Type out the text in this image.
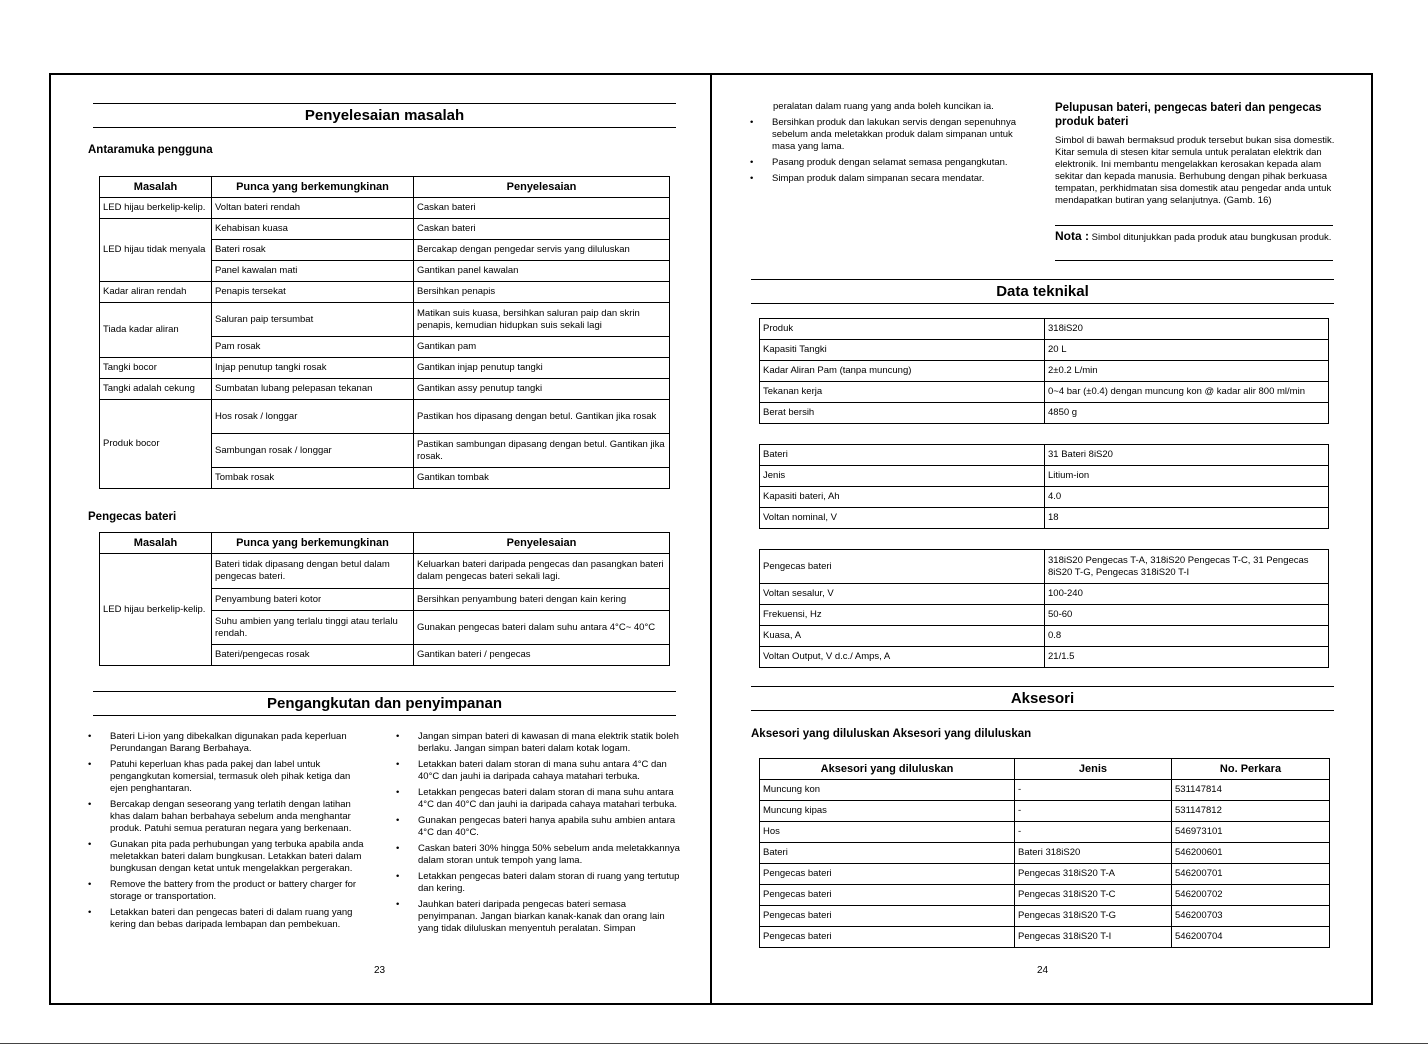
Penyelesaian masalah
Antaramuka pengguna
Masalah	Punca yang berkemungkinan	Penyelesaian
LED hijau berkelip-kelip.	Voltan bateri rendah	Caskan bateri
LED hijau tidak menyala	Kehabisan kuasa	Caskan bateri
	Bateri rosak	Bercakap dengan pengedar servis yang diluluskan
	Panel kawalan mati	Gantikan panel kawalan
Kadar aliran rendah	Penapis tersekat	Bersihkan penapis
Tiada kadar aliran	Saluran paip tersumbat	Matikan suis kuasa, bersihkan saluran paip dan skrin penapis, kemudian hidupkan suis sekali lagi
	Pam rosak	Gantikan pam
Tangki bocor	Injap penutup tangki rosak	Gantikan injap penutup tangki
Tangki adalah cekung	Sumbatan lubang pelepasan tekanan	Gantikan assy penutup tangki
Produk bocor	Hos rosak / longgar	Pastikan hos dipasang dengan betul. Gantikan jika rosak
	Sambungan rosak / longgar	Pastikan sambungan dipasang dengan betul. Gantikan jika rosak.
	Tombak rosak	Gantikan tombak
Pengecas bateri
Masalah	Punca yang berkemungkinan	Penyelesaian
LED hijau berkelip-kelip.	Bateri tidak dipasang dengan betul dalam pengecas bateri.	Keluarkan bateri daripada pengecas dan pasangkan bateri dalam pengecas bateri sekali lagi.
	Penyambung bateri kotor	Bersihkan penyambung bateri dengan kain kering
	Suhu ambien yang terlalu tinggi atau terlalu rendah.	Gunakan pengecas bateri dalam suhu antara 4°C~ 40°C
	Bateri/pengecas rosak	Gantikan bateri / pengecas
Pengangkutan dan penyimpanan
• Bateri Li-ion yang dibekalkan digunakan pada keperluan Perundangan Barang Berbahaya.
• Patuhi keperluan khas pada pakej dan label untuk pengangkutan komersial, termasuk oleh pihak ketiga dan ejen penghantaran.
• Bercakap dengan seseorang yang terlatih dengan latihan khas dalam bahan berbahaya sebelum anda menghantar produk. Patuhi semua peraturan negara yang berkenaan.
• Gunakan pita pada perhubungan yang terbuka apabila anda meletakkan bateri dalam bungkusan. Letakkan bateri dalam bungkusan dengan ketat untuk mengelakkan pergerakan.
• Remove the battery from the product or battery charger for storage or transportation.
• Letakkan bateri dan pengecas bateri di dalam ruang yang kering dan bebas daripada lembapan dan pembekuan.
• Jangan simpan bateri di kawasan di mana elektrik statik boleh berlaku. Jangan simpan bateri dalam kotak logam.
• Letakkan bateri dalam storan di mana suhu antara 4°C dan 40°C dan jauhi ia daripada cahaya matahari terbuka.
• Letakkan pengecas bateri dalam storan di mana suhu antara 4°C dan 40°C dan jauhi ia daripada cahaya matahari terbuka.
• Gunakan pengecas bateri hanya apabila suhu ambien antara 4°C dan 40°C.
• Caskan bateri 30% hingga 50% sebelum anda meletakkannya dalam storan untuk tempoh yang lama.
• Letakkan pengecas bateri dalam storan di ruang yang tertutup dan kering.
• Jauhkan bateri daripada pengecas bateri semasa penyimpanan. Jangan biarkan kanak-kanak dan orang lain yang tidak diluluskan menyentuh peralatan. Simpan
23
peralatan dalam ruang yang anda boleh kuncikan ia.
• Bersihkan produk dan lakukan servis dengan sepenuhnya sebelum anda meletakkan produk dalam simpanan untuk masa yang lama.
• Pasang produk dengan selamat semasa pengangkutan.
• Simpan produk dalam simpanan secara mendatar.
Pelupusan bateri, pengecas bateri dan pengecas produk bateri
Simbol di bawah bermaksud produk tersebut bukan sisa domestik. Kitar semula di stesen kitar semula untuk peralatan elektrik dan elektronik. Ini membantu mengelakkan kerosakan kepada alam sekitar dan kepada manusia. Berhubung dengan pihak berkuasa tempatan, perkhidmatan sisa domestik atau pengedar anda untuk mendapatkan butiran yang selanjutnya. (Gamb. 16)
Nota : Simbol ditunjukkan pada produk atau bungkusan produk.
Data teknikal
Produk	318iS20
Kapasiti Tangki	20 L
Kadar Aliran Pam (tanpa muncung)	2±0.2 L/min
Tekanan kerja	0~4 bar (±0.4) dengan muncung kon @ kadar alir 800 ml/min
Berat bersih	4850 g
Bateri	31 Bateri 8iS20
Jenis	Litium-ion
Kapasiti bateri, Ah	4.0
Voltan nominal, V	18
Pengecas bateri	318iS20 Pengecas T-A, 318iS20 Pengecas T-C, 31 Pengecas 8iS20 T-G, Pengecas 318iS20 T-I
Voltan sesalur, V	100-240
Frekuensi, Hz	50-60
Kuasa, A	0.8
Voltan Output, V d.c./ Amps, A	21/1.5
Aksesori
Aksesori yang diluluskan Aksesori yang diluluskan
Aksesori yang diluluskan	Jenis	No. Perkara
Muncung kon	-	531147814
Muncung kipas	-	531147812
Hos	-	546973101
Bateri	Bateri 318iS20	546200601
Pengecas bateri	Pengecas 318iS20 T-A	546200701
Pengecas bateri	Pengecas 318iS20 T-C	546200702
Pengecas bateri	Pengecas 318iS20 T-G	546200703
Pengecas bateri	Pengecas 318iS20 T-I	546200704
24
